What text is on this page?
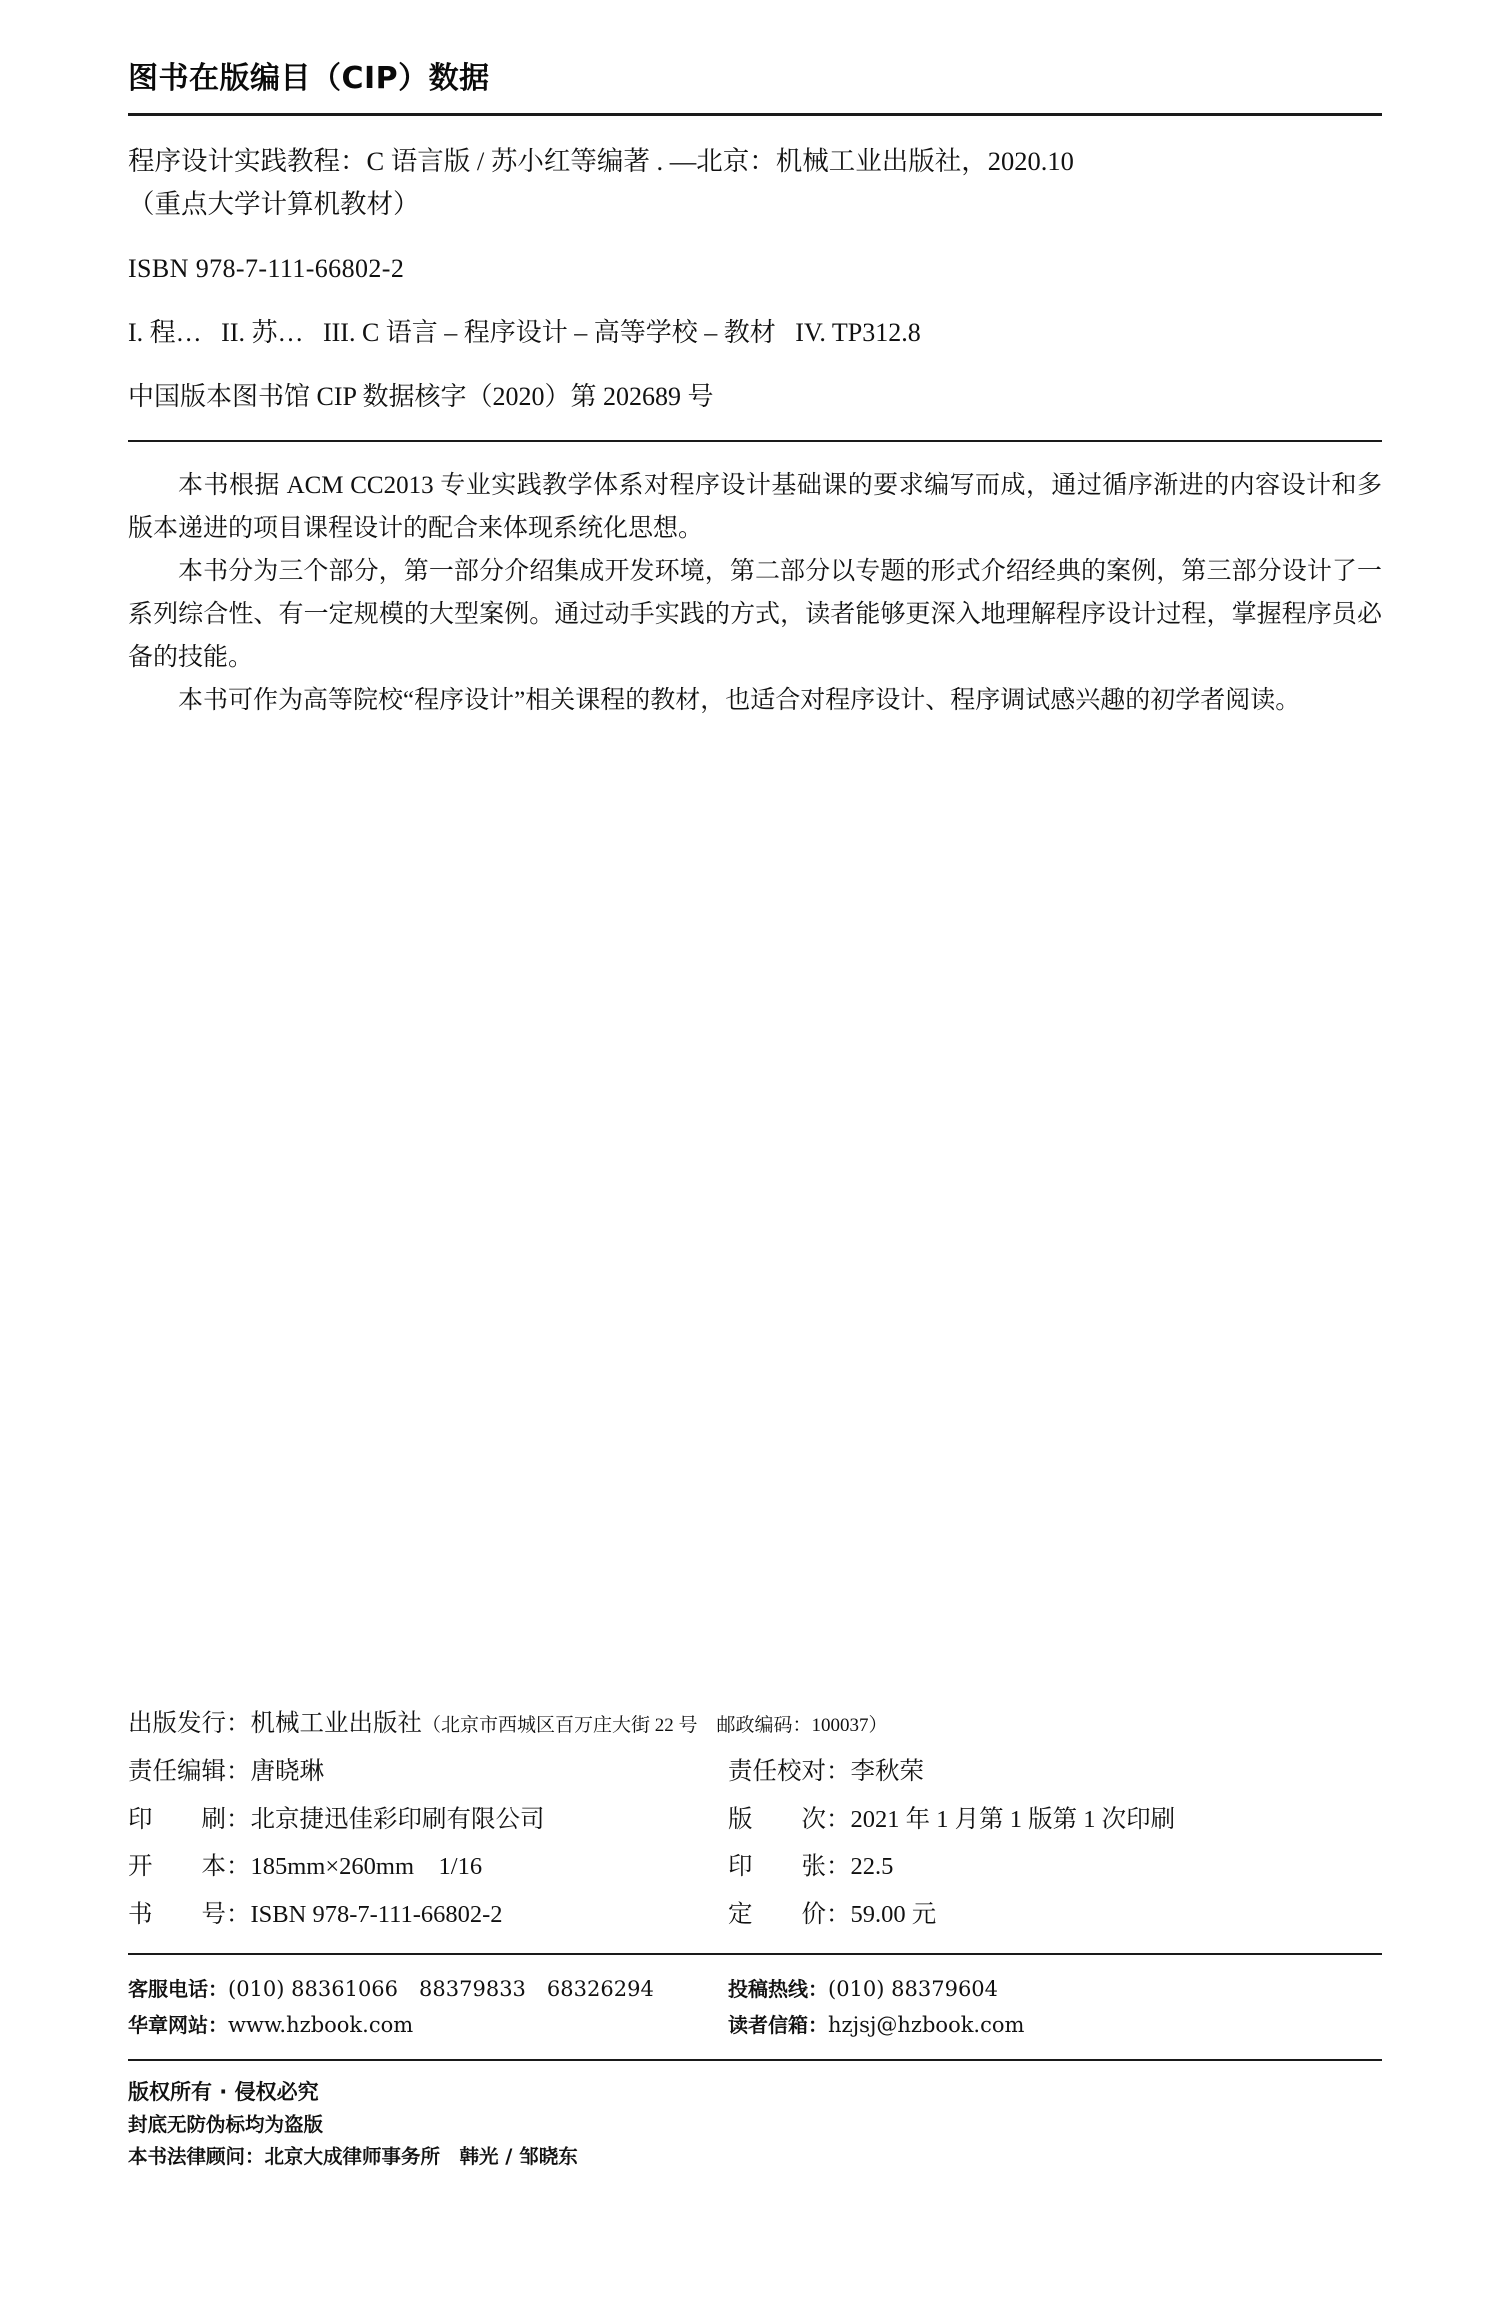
图书在版编目（CIP）数据
程序设计实践教程：C 语言版 / 苏小红等编著 . —北京：机械工业出版社，2020.10
（重点大学计算机教材）
ISBN 978-7-111-66802-2
I. 程…   II. 苏…   III. C 语言 – 程序设计 – 高等学校 – 教材   IV. TP312.8
中国版本图书馆 CIP 数据核字（2020）第 202689 号

本书根据 ACM CC2013 专业实践教学体系对程序设计基础课的要求编写而成，通过循序渐进的内容设计和多版本递进的项目课程设计的配合来体现系统化思想。

本书分为三个部分，第一部分介绍集成开发环境，第二部分以专题的形式介绍经典的案例，第三部分设计了一系列综合性、有一定规模的大型案例。通过动手实践的方式，读者能够更深入地理解程序设计过程，掌握程序员必备的技能。

本书可作为高等院校“程序设计”相关课程的教材，也适合对程序设计、程序调试感兴趣的初学者阅读。

出版发行：机械工业出版社（北京市西城区百万庄大街 22 号　邮政编码：100037）
责任编辑：唐晓琳	责任校对：李秋荣
印　　刷：北京捷迅佳彩印刷有限公司	版　　次：2021 年 1 月第 1 版第 1 次印刷
开　　本：185mm×260mm　1/16	印　　张：22.5
书　　号：ISBN 978-7-111-66802-2	定　　价：59.00 元
客服电话：(010) 88361066　88379833　68326294	投稿热线：(010) 88379604
华章网站：www.hzbook.com	读者信箱：hzjsj@hzbook.com
版权所有 · 侵权必究
封底无防伪标均为盗版
本书法律顾问：北京大成律师事务所　韩光 / 邹晓东
